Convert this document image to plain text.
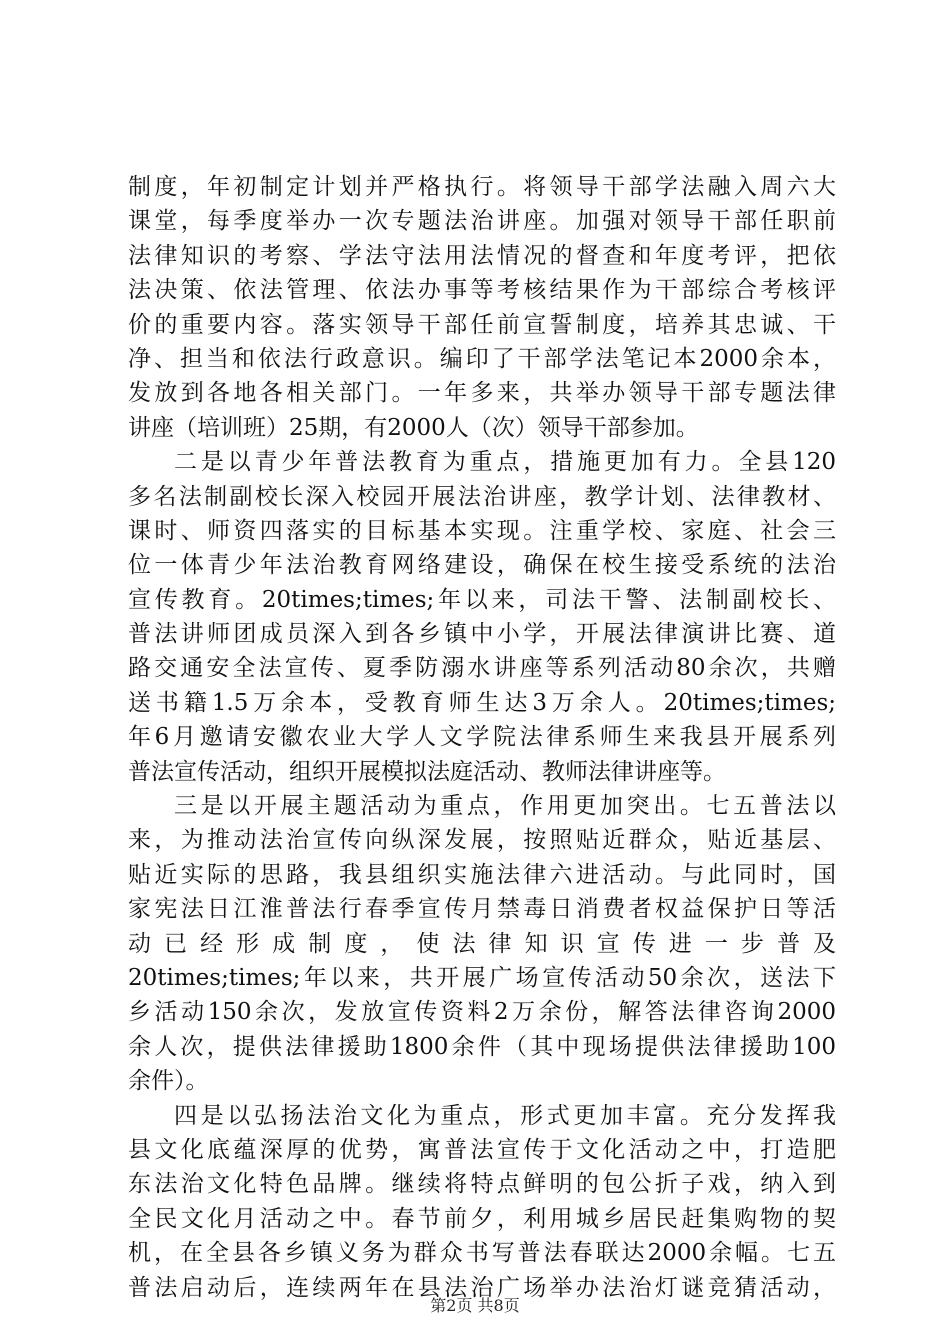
制度，年初制定计划并严格执行。将领导干部学法融入周六大
课堂，每季度举办一次专题法治讲座。加强对领导干部任职前
法律知识的考察、学法守法用法情况的督查和年度考评，把依
法决策、依法管理、依法办事等考核结果作为干部综合考核评
价的重要内容。落实领导干部任前宣誓制度，培养其忠诚、干
净、担当和依法行政意识。编印了干部学法笔记本2000余本，
发放到各地各相关部门。一年多来，共举办领导干部专题法律
讲座（培训班）25期，有2000人（次）领导干部参加。
二是以青少年普法教育为重点，措施更加有力。全县120
多名法制副校长深入校园开展法治讲座，教学计划、法律教材、
课时、师资四落实的目标基本实现。注重学校、家庭、社会三
位一体青少年法治教育网络建设，确保在校生接受系统的法治
宣传教育。20times;times;年以来，司法干警、法制副校长、
普法讲师团成员深入到各乡镇中小学，开展法律演讲比赛、道
路交通安全法宣传、夏季防溺水讲座等系列活动80余次，共赠
送书籍1.5万余本，受教育师生达3万余人。20times;times;
年6月邀请安徽农业大学人文学院法律系师生来我县开展系列
普法宣传活动，组织开展模拟法庭活动、教师法律讲座等。
三是以开展主题活动为重点，作用更加突出。七五普法以
来，为推动法治宣传向纵深发展，按照贴近群众，贴近基层、
贴近实际的思路，我县组织实施法律六进活动。与此同时，国
家宪法日江淮普法行春季宣传月禁毒日消费者权益保护日等活
动已经形成制度，使法律知识宣传进一步普及
20times;times;年以来，共开展广场宣传活动50余次，送法下
乡活动150余次，发放宣传资料2万余份，解答法律咨询2000
余人次，提供法律援助1800余件（其中现场提供法律援助100
余件）。
四是以弘扬法治文化为重点，形式更加丰富。充分发挥我
县文化底蕴深厚的优势，寓普法宣传于文化活动之中，打造肥
东法治文化特色品牌。继续将特点鲜明的包公折子戏，纳入到
全民文化月活动之中。春节前夕，利用城乡居民赶集购物的契
机，在全县各乡镇义务为群众书写普法春联达2000余幅。七五
普法启动后，连续两年在县法治广场举办法治灯谜竞猜活动，
第2页 共8页
